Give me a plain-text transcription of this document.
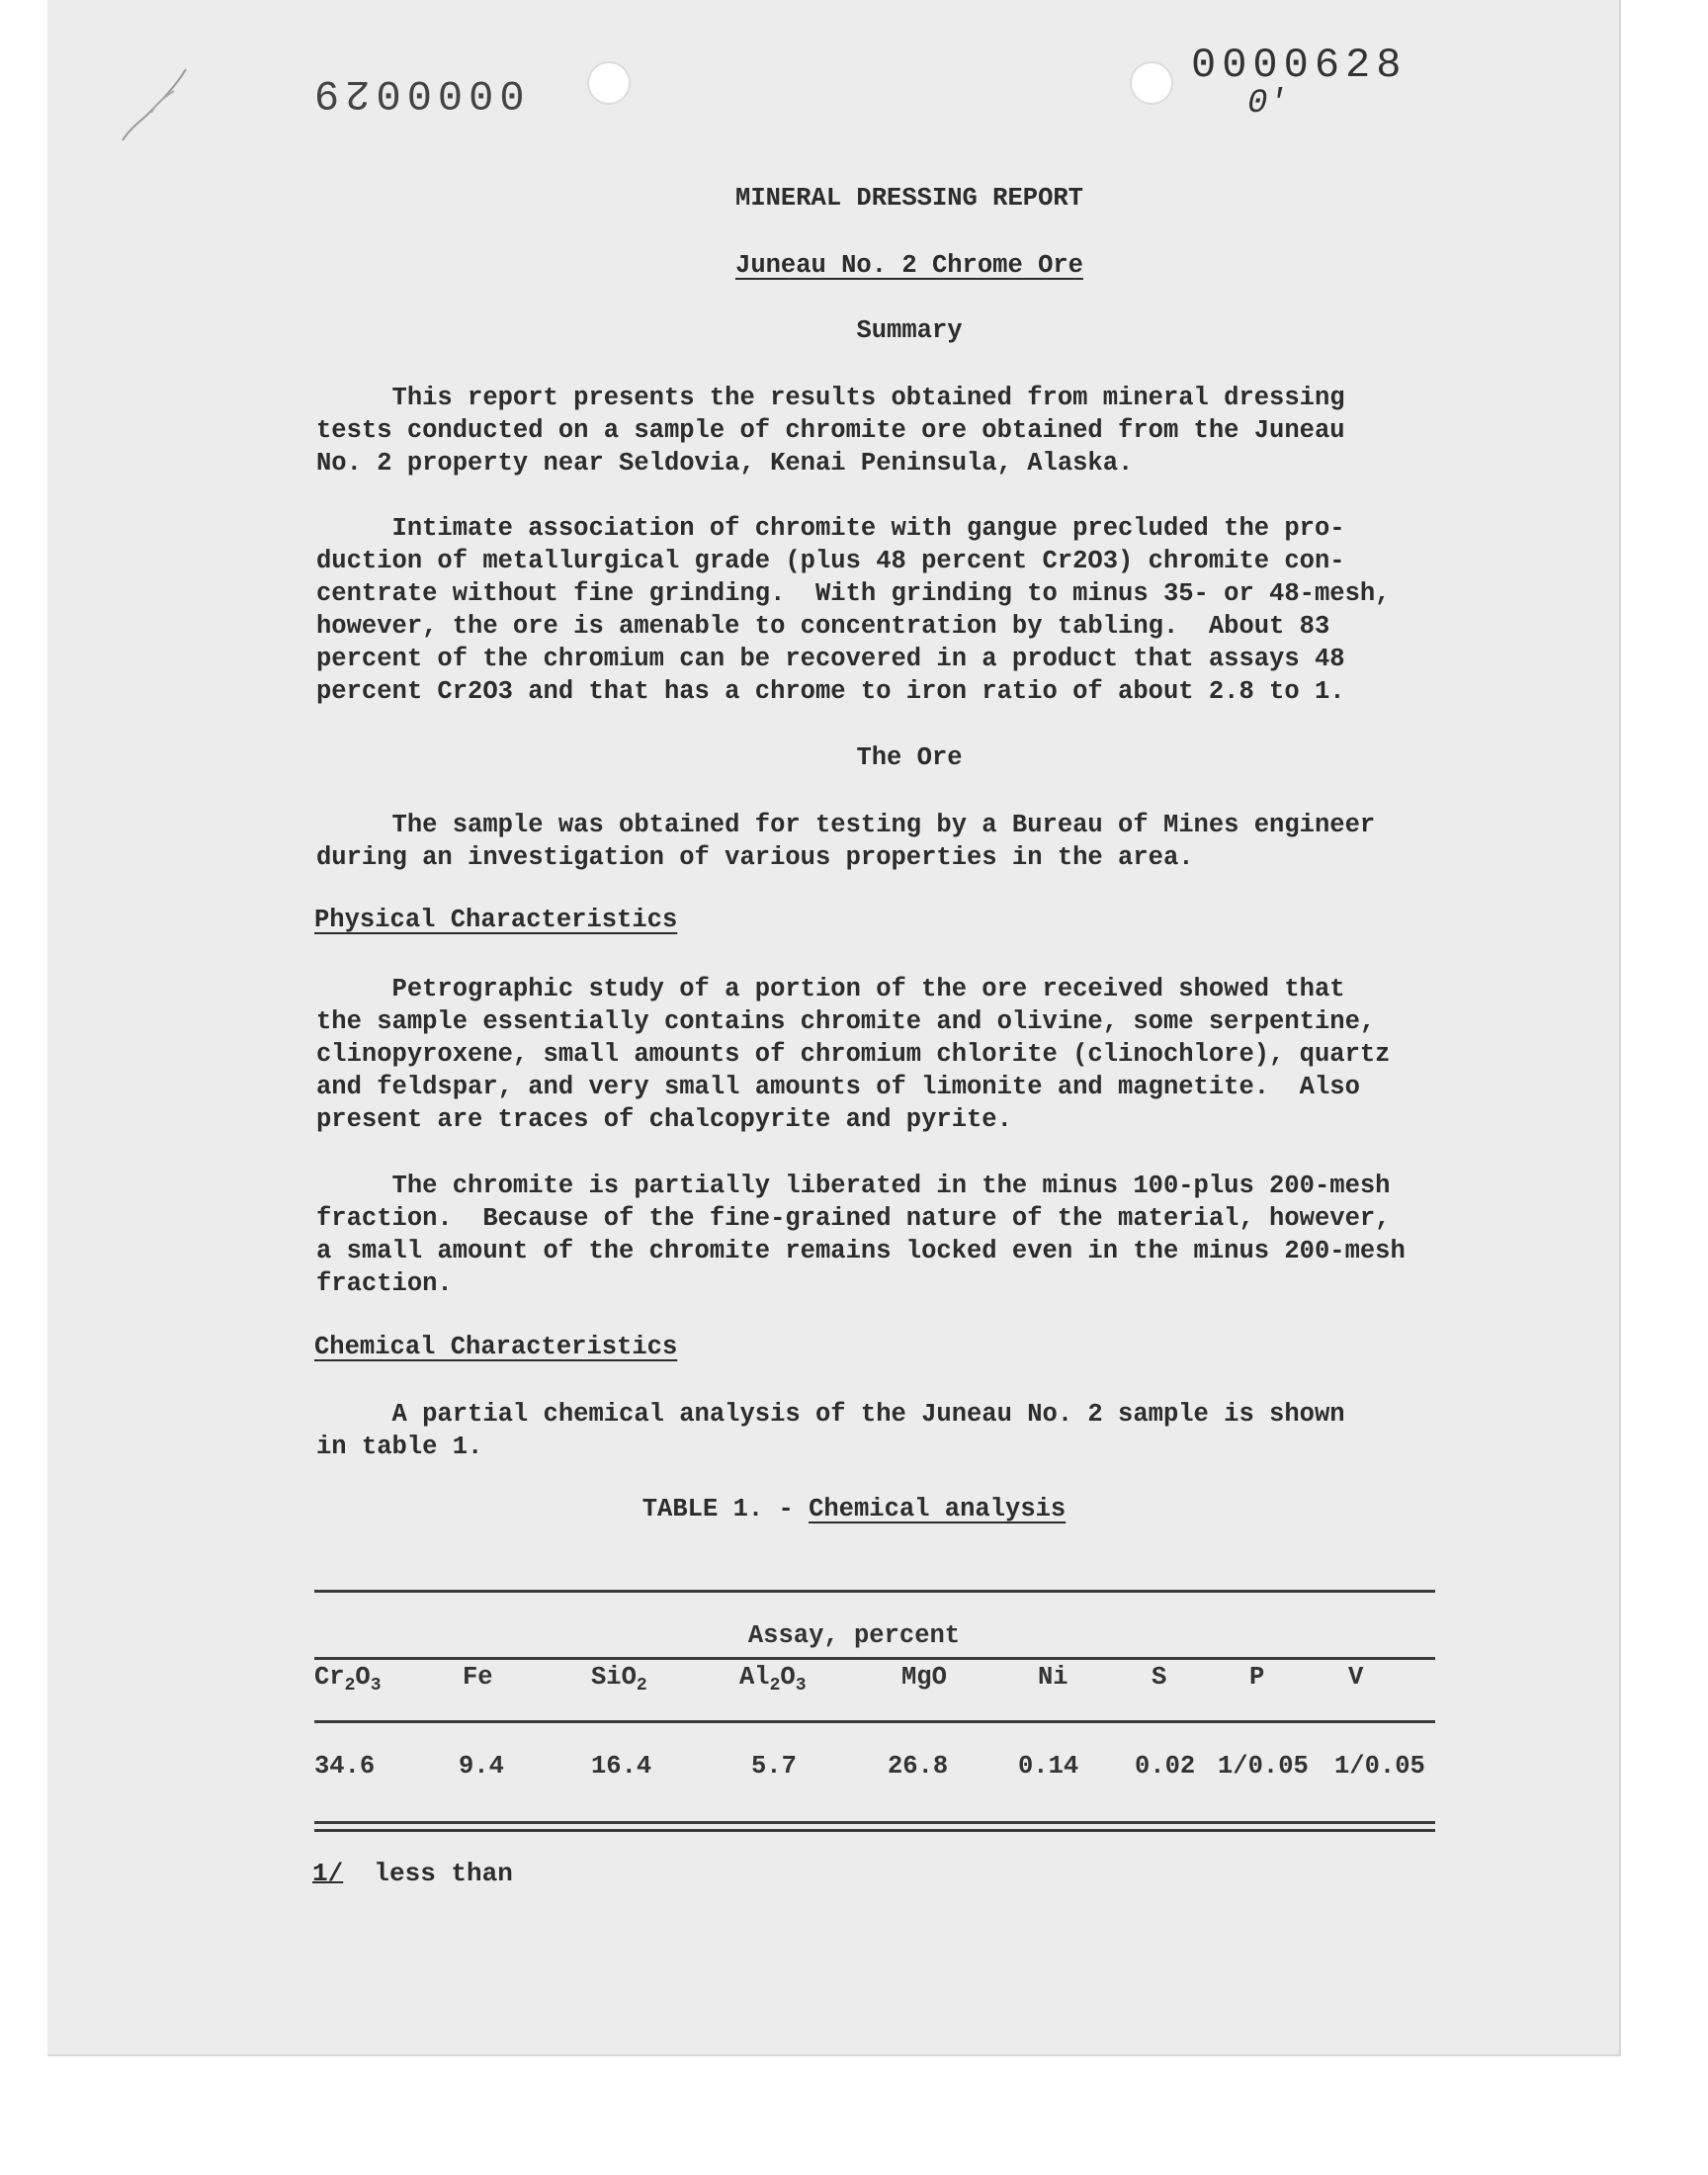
0000029
0000628
0'
MINERAL DRESSING REPORT
Juneau No. 2 Chrome Ore
Summary
This report presents the results obtained from mineral dressing
tests conducted on a sample of chromite ore obtained from the Juneau
No. 2 property near Seldovia, Kenai Peninsula, Alaska.
Intimate association of chromite with gangue precluded the pro-
duction of metallurgical grade (plus 48 percent Cr2O3) chromite con-
centrate without fine grinding.  With grinding to minus 35- or 48-mesh,
however, the ore is amenable to concentration by tabling.  About 83
percent of the chromium can be recovered in a product that assays 48
percent Cr2O3 and that has a chrome to iron ratio of about 2.8 to 1.
The Ore
The sample was obtained for testing by a Bureau of Mines engineer
during an investigation of various properties in the area.
Physical Characteristics
Petrographic study of a portion of the ore received showed that
the sample essentially contains chromite and olivine, some serpentine,
clinopyroxene, small amounts of chromium chlorite (clinochlore), quartz
and feldspar, and very small amounts of limonite and magnetite.  Also
present are traces of chalcopyrite and pyrite.
The chromite is partially liberated in the minus 100-plus 200-mesh
fraction.  Because of the fine-grained nature of the material, however,
a small amount of the chromite remains locked even in the minus 200-mesh
fraction.
Chemical Characteristics
A partial chemical analysis of the Juneau No. 2 sample is shown
in table 1.
TABLE 1. - Chemical analysis
Assay, percent
$Cr_2O_3$	Fe	SiO$_2$	$Al_2O_3$	MgO	Ni	S	P	V
34.6	9.4	16.4	5.7	26.8	0.14 0.02 1/0.05 1/0.05
1/  less than
